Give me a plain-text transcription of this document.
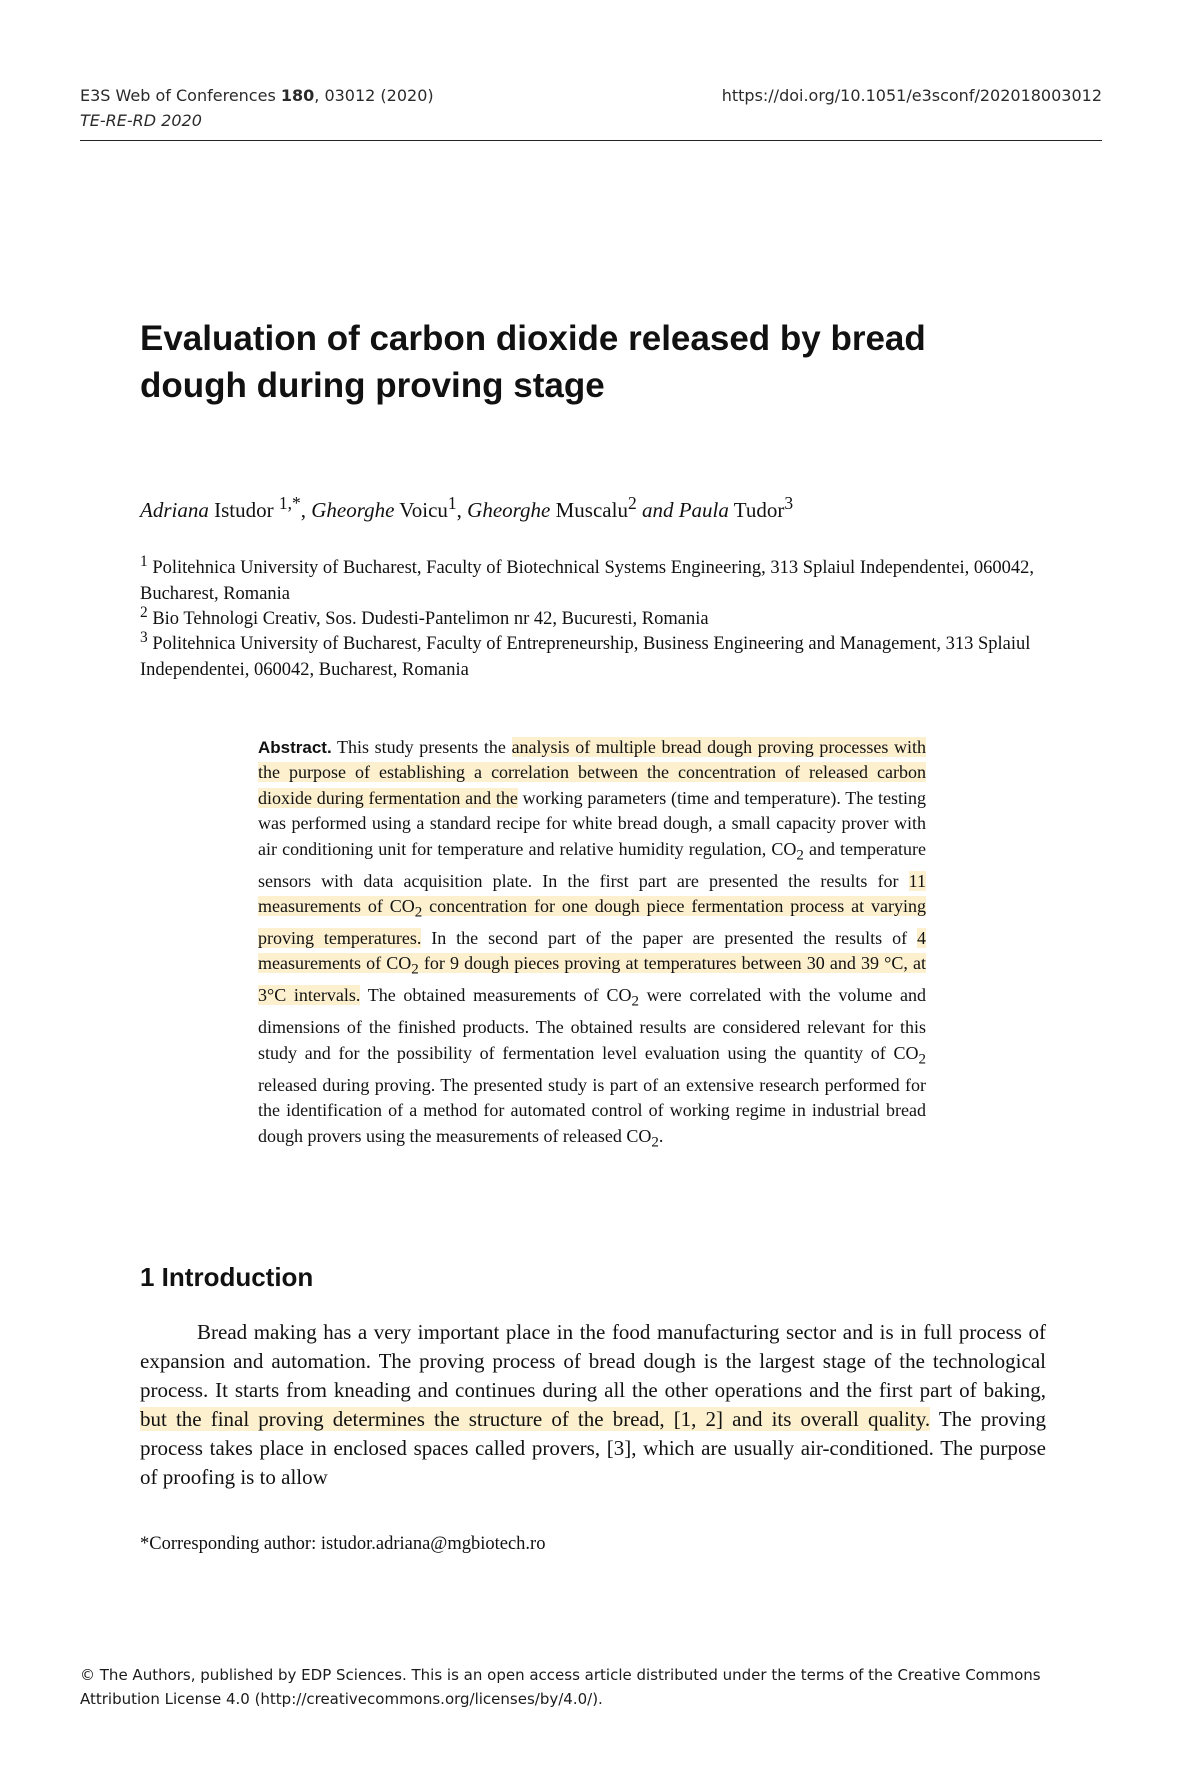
E3S Web of Conferences 180, 03012 (2020)
TE-RE-RD 2020
https://doi.org/10.1051/e3sconf/202018003012
Evaluation of carbon dioxide released by bread dough during proving stage
Adriana Istudor $^{1,*}$, Gheorghe Voicu$^1$, Gheorghe Muscalu$^2$ and Paula Tudor$^3$
$^1$ Politehnica University of Bucharest, Faculty of Biotechnical Systems Engineering, 313 Splaiul Independentei, 060042, Bucharest, Romania
$^2$ Bio Tehnologi Creativ, Sos. Dudesti-Pantelimon nr 42, Bucuresti, Romania
$^3$ Politehnica University of Bucharest, Faculty of Entrepreneurship, Business Engineering and Management, 313 Splaiul Independentei, 060042, Bucharest, Romania
Abstract. This study presents the analysis of multiple bread dough proving processes with the purpose of establishing a correlation between the concentration of released carbon dioxide during fermentation and the working parameters (time and temperature). The testing was performed using a standard recipe for white bread dough, a small capacity prover with air conditioning unit for temperature and relative humidity regulation, $CO_2$ and temperature sensors with data acquisition plate. In the first part are presented the results for 11 measurements of $CO_2$ concentration for one dough piece fermentation process at varying proving temperatures. In the second part of the paper are presented the results of 4 measurements of $CO_2$ for 9 dough pieces proving at temperatures between 30 and 39 °C, at 3°C intervals. The obtained measurements of $CO_2$ were correlated with the volume and dimensions of the finished products. The obtained results are considered relevant for this study and for the possibility of fermentation level evaluation using the quantity of $CO_2$ released during proving. The presented study is part of an extensive research performed for the identification of a method for automated control of working regime in industrial bread dough provers using the measurements of released $CO_2$.
1 Introduction
Bread making has a very important place in the food manufacturing sector and is in full process of expansion and automation. The proving process of bread dough is the largest stage of the technological process. It starts from kneading and continues during all the other operations and the first part of baking, but the final proving determines the structure of the bread, [1, 2] and its overall quality. The proving process takes place in enclosed spaces called provers, [3], which are usually air-conditioned. The purpose of proofing is to allow
*Corresponding author: istudor.adriana@mgbiotech.ro
© The Authors, published by EDP Sciences. This is an open access article distributed under the terms of the Creative Commons Attribution License 4.0 (http://creativecommons.org/licenses/by/4.0/).
